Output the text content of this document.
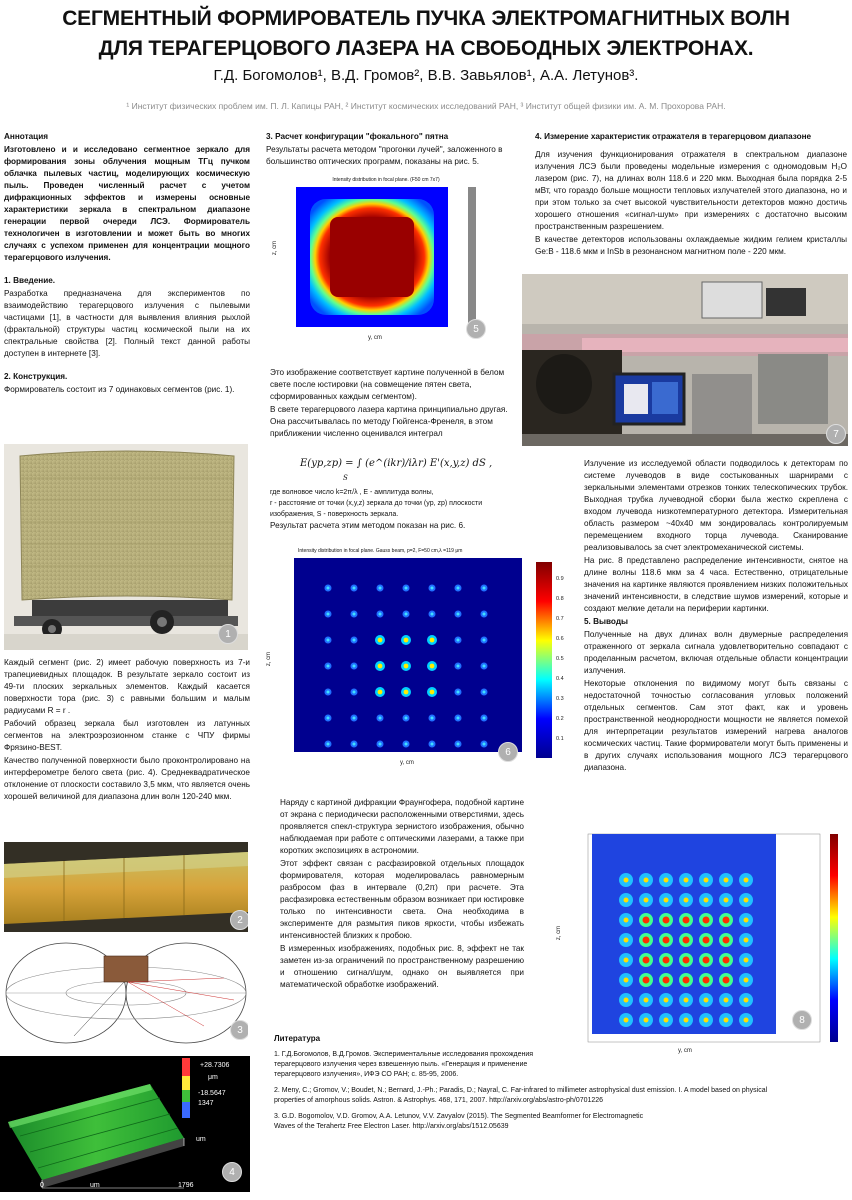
СЕГМЕНТНЫЙ ФОРМИРОВАТЕЛЬ ПУЧКА ЭЛЕКТРОМАГНИТНЫХ ВОЛН
ДЛЯ ТЕРАГЕРЦОВОГО ЛАЗЕРА НА СВОБОДНЫХ ЭЛЕКТРОНАХ.
Г.Д. Богомолов¹, В.Д. Громов², В.В. Завьялов¹, А.А. Летунов³.
¹ Институт физических проблем им. П. Л. Капицы РАН, ² Институт космических исследований РАН, ³ Институт общей физики им. А. М. Прохорова РАН.

Аннотация

Изготовлено и и исследовано сегментное зеркало для формирования зоны облучения мощным ТГц пучком облачка пылевых частиц, моделирующих космическую пыль. Проведен численный расчет с учетом дифракционных эффектов и измерены основные характеристики зеркала в спектральном диапазоне генерации первой очереди ЛСЭ. Формирователь технологичен в изготовлении и может быть во многих случаях с успехом применен для концентрации мощного терагерцового излучения.

1. Введение.

Разработка предназначена для экспериментов по взаимодействию терагерцового излучения с пылевыми частицами [1], в частности для выявления влияния рыхлой (фрактальной) структуры частиц космической пыли на их спектральные свойства [2]. Полный текст данной работы доступен в интернете [3].

2. Конструкция.

Формирователь состоит из 7 одинаковых сегментов (рис. 1).

1

Каждый сегмент (рис. 2) имеет рабочую поверхность из 7-и трапециевидных площадок. В результате зеркало состоит из 49-ти плоских зеркальных элементов. Каждый касается поверхности тора (рис. 3) с равными большим и малым радиусами R = r .

Рабочий образец зеркала был изготовлен из латунных сегментов на электроэрозионном станке с ЧПУ фирмы Фрязино-BEST.

Качество полученной поверхности было проконтролировано на интерферометре белого света (рис. 4). Среднеквадратическое отклонение от плоскости составило 3,5 мкм, что является очень хорошей величиной для диапазона длин волн 120-240 мкм.

2
3
+28.7306
μm
-18.5647
1347
um
0	um	1796
4

3. Расчет конфигурации "фокального" пятна

Результаты расчета методом "прогонки лучей", заложенного в большинство оптических программ, показаны на рис. 5.

Intensity distribution in focal plane. (F50 cm 7x7)
z, cm
y, cm
5

Это изображение соответствует картине полученной в белом свете после юстировки (на совмещение пятен света, сформированных каждым сегментом).

В свете терагерцового лазера картина принципиально другая. Она рассчитывалась по методу Гюйгенса-Френеля, в этом приближении численно оценивался интеграл

E(yp,zp) = ∫ (e^(ikr)/iλr) E'(x,y,z) dS ,
S

где волновое число k=2π/λ , E - амплитуда волны,

r - расстояние от точки (x,y,z) зеркала до точки (yp, zp) плоскости

изображения, S - поверхность зеркала.

Результат расчета этим методом показан на рис. 6.

Intensity distribution in focal plane. Gauss beam, p=2, F=50 cm,λ =119 μm
z, cm
y, cm
6
0.9
0.8
0.7
0.6
0.5
0.4
0.3
0.2
0.1

Наряду с картиной дифракции Фраунгофера, подобной картине от экрана с периодически расположенными отверстиями, здесь проявляется спекл-структура зернистого изображения, обычно наблюдаемая при работе с оптическими лазерами, а также при коротких экспозициях в астрономии.

Этот эффект связан с расфазировкой отдельных площадок формирователя, которая моделировалась равномерным разбросом фаз в интервале (0,2π) при расчете. Эта расфазировка естественным образом возникает при юстировке только по интенсивности света. Она необходима в эксперименте для размытия пиков яркости, чтобы избежать интенсивностей близких к пробою.

В измеренных изображениях, подобных рис. 8, эффект не так заметен из-за ограничений по пространственному разрешению и отношению сигнал/шум, однако он выявляется при математической обработке изображений.

Литература

1. Г.Д.Богомолов, В.Д.Громов. Экспериментальные исследования прохождения терагерцового излучения через взвешенную пыль. «Генерация и применение терагерцового излучения», ИФЭ СО РАН; с. 85-95, 2006.

2. Meny, C.; Gromov, V.; Boudet, N.; Bernard, J.-Ph.; Paradis, D.; Nayral, C. Far-infrared to millimeter astrophysical dust emission. I. A model based on physical properties of amorphous solids. Astron. & Astrophys. 468, 171, 2007. http://arxiv.org/abs/astro-ph/0701226

3. G.D. Bogomolov, V.D. Gromov, A.A. Letunov, V.V. Zavyalov (2015). The Segmented Beamformer for Electromagnetic Waves of the Terahertz Free Electron Laser. http://arxiv.org/abs/1512.05639

4. Измерение характеристик отражателя в терагерцовом диапазоне

Для изучения функционирования отражателя в спектральном диапазоне излучения ЛСЭ были проведены модельные измерения с одномодовым H₂O лазером (рис. 7), на длинах волн 118.6 и 220 мкм. Выходная была порядка 2-5 мВт, что гораздо больше мощности тепловых излучателей этого диапазона, но и при этом только за счет высокой чувствительности детекторов можно достичь хорошего отношения «сигнал-шум» при измерениях с достаточно высоким пространственным разрешением.

В качестве детекторов использованы охлаждаемые жидким гелием кристаллы Ge:B - 118.6 мкм и InSb в резонансном магнитном поле - 220 мкм.

7

Излучение из исследуемой области подводилось к детекторам по системе лучеводов в виде состыкованных шарнирами с зеркальными элементами отрезков тонких телескопических трубок. Выходная трубка лучеводной сборки была жестко скреплена с входом лучевода низкотемпературного детектора. Измерительная область размером ~40x40 мм зондировалась контролируемым перемещением входного торца лучевода. Сканирование реализовывалось за счет электромеханической системы.

На рис. 8 представлено распределение интенсивности, снятое на длине волны 118.6 мкм за 4 часа. Естественно, отрицательные значения на картинке являются проявлением низких положительных значений интенсивности, в следствие шумов измерений, которые и создают мелкие детали на периферии картинки.

5. Выводы

Полученные на двух длинах волн двумерные распределения отраженного от зеркала сигнала удовлетворительно совпадают с проделанным расчетом, включая отдельные области концентрации излучения.

Некоторые отклонения по видимому могут быть связаны с недостаточной точностью согласования угловых положений отдельных сегментов. Сам этот факт, как и уровень пространственной неоднородности мощности не является помехой для интерпретации результатов измерений нагрева аналогов космических частиц. Такие формирователи могут быть применены и в других случаях использования мощного ЛСЭ терагерцового диапазона.

y, cm
z, cm
8
